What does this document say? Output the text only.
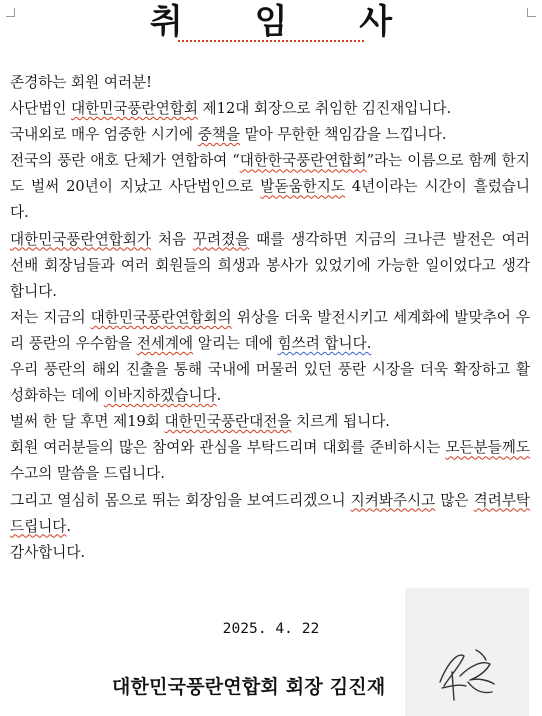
취 임 사

존경하는 회원 여러분!

사단법인 대한민국풍란연합회 제12대 회장으로 취임한 김진재입니다.

국내외로 매우 엄중한 시기에 중책을 맡아 무한한 책임감을 느낍니다.

전국의 풍란 애호 단체가 연합하여 “대한한국풍란연합회”라는 이름으로 함께 한지도 벌써 20년이 지났고 사단법인으로 발돋움한지도 4년이라는 시간이 흘렀습니다.

대한민국풍란연합회가 처음 꾸려졌을 때를 생각하면 지금의 크나큰 발전은 여러 선배 회장님들과 여러 회원들의 희생과 봉사가 있었기에 가능한 일이었다고 생각합니다.

저는 지금의 대한민국풍란연합회의 위상을 더욱 발전시키고 세계화에 발맞추어 우리 풍란의 우수함을 전세계에 알리는 데에 힘쓰려 합니다.

우리 풍란의 해외 진출을 통해 국내에 머물러 있던 풍란 시장을 더욱 확장하고 활성화하는 데에 이바지하겠습니다.

벌써 한 달 후면 제19회 대한민국풍란대전을 치르게 됩니다.

회원 여러분들의 많은 참여와 관심을 부탁드리며 대회를 준비하시는 모든분들께도 수고의 말씀을 드립니다.

그리고 열심히 몸으로 뛰는 회장임을 보여드리겠으니 지켜봐주시고 많은 격려부탁드립니다.

감사합니다.

2025. 4. 22
대한민국풍란연합회 회장 김진재
